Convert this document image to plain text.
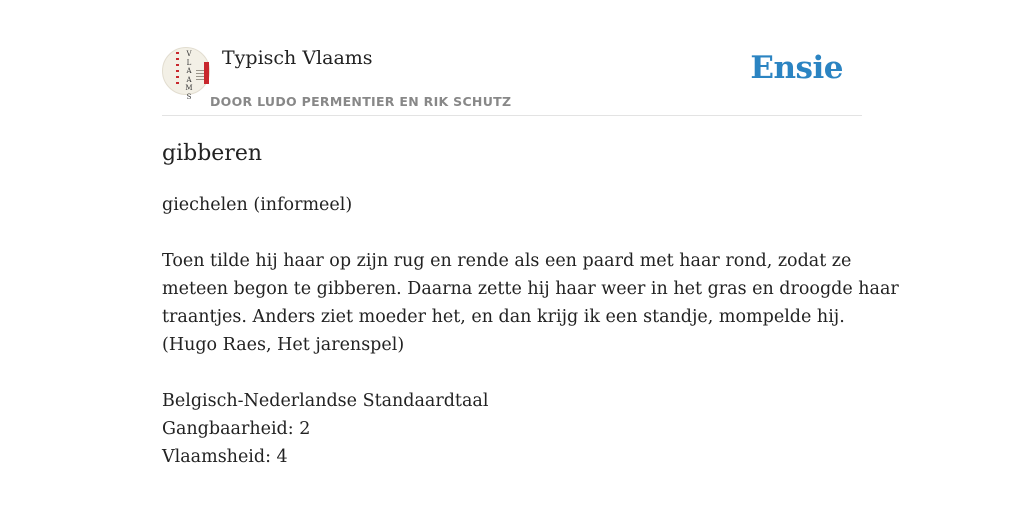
V
L
A
A
M
S
Typisch Vlaams
DOOR LUDO PERMENTIER EN RIK SCHUTZ
Ensie
gibberen
giechelen (informeel)
Toen tilde hij haar op zijn rug en rende als een paard met haar rond, zodat ze
meteen begon te gibberen. Daarna zette hij haar weer in het gras en droogde haar
traantjes. Anders ziet moeder het, en dan krijg ik een standje, mompelde hij.
(Hugo Raes, Het jarenspel)
Belgisch-Nederlandse Standaardtaal
Gangbaarheid: 2
Vlaamsheid: 4
